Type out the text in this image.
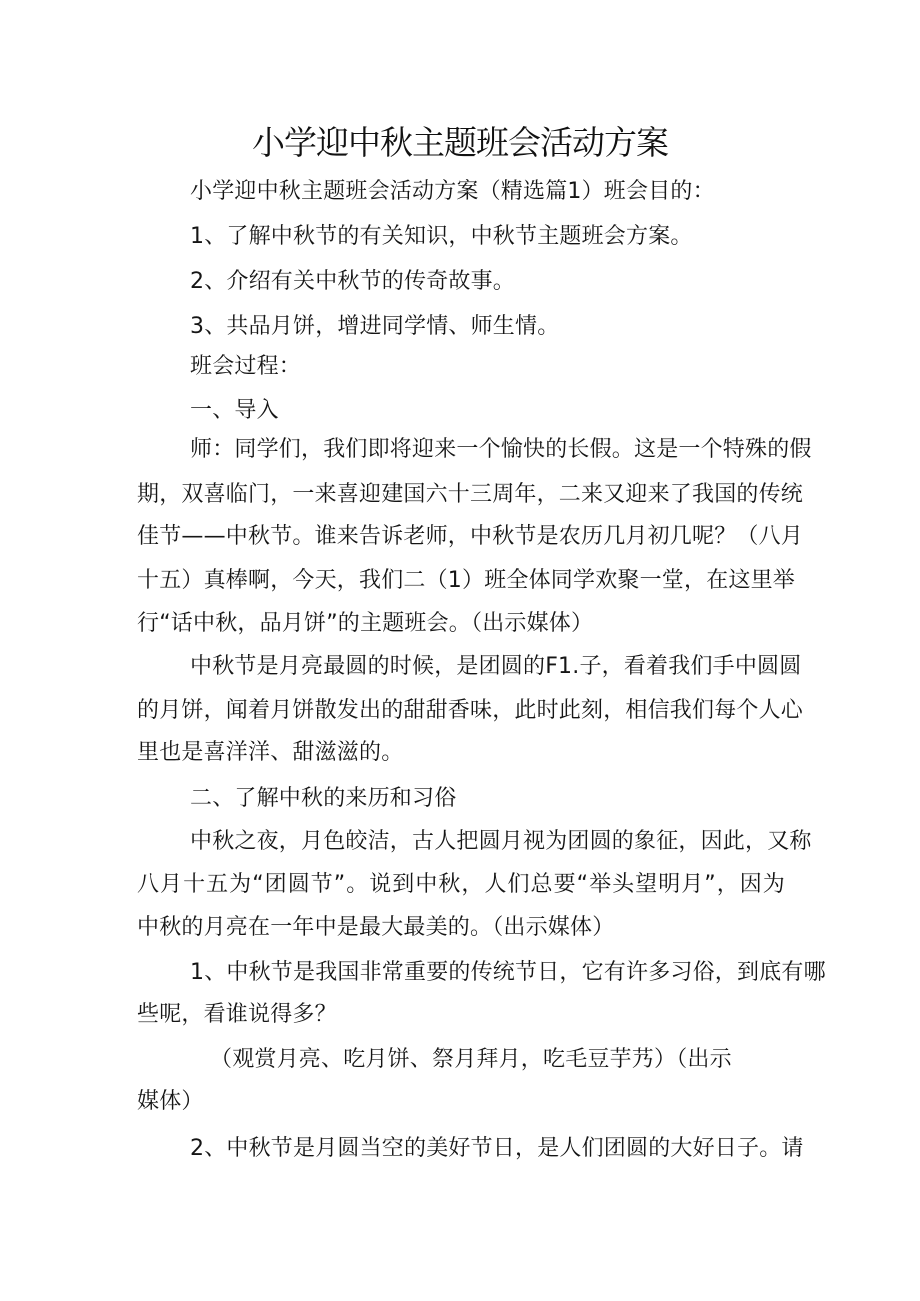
小学迎中秋主题班会活动方案
小学迎中秋主题班会活动方案（精选篇1）班会目的：
1、了解中秋节的有关知识，中秋节主题班会方案。
2、介绍有关中秋节的传奇故事。
3、共品月饼，增进同学情、师生情。
班会过程：
一、导入
师：同学们，我们即将迎来一个愉快的长假。这是一个特殊的假
期，双喜临门，一来喜迎建国六十三周年，二来又迎来了我国的传统
佳节——中秋节。谁来告诉老师，中秋节是农历几月初几呢？（八月
十五）真棒啊，今天，我们二（1）班全体同学欢聚一堂，在这里举
行“话中秋，品月饼”的主题班会。（出示媒体）
中秋节是月亮最圆的时候，是团圆的F1.子，看着我们手中圆圆
的月饼，闻着月饼散发出的甜甜香味，此时此刻，相信我们每个人心
里也是喜洋洋、甜滋滋的。
二、了解中秋的来历和习俗
中秋之夜，月色皎洁，古人把圆月视为团圆的象征，因此，又称
八月十五为“团圆节”。说到中秋，人们总要“举头望明月”，因为
中秋的月亮在一年中是最大最美的。（出示媒体）
1、中秋节是我国非常重要的传统节日，它有许多习俗，到底有哪
些呢，看谁说得多？
（观赏月亮、吃月饼、祭月拜月，吃毛豆芋艿）（出示
媒体）
2、中秋节是月圆当空的美好节日，是人们团圆的大好日子。请
